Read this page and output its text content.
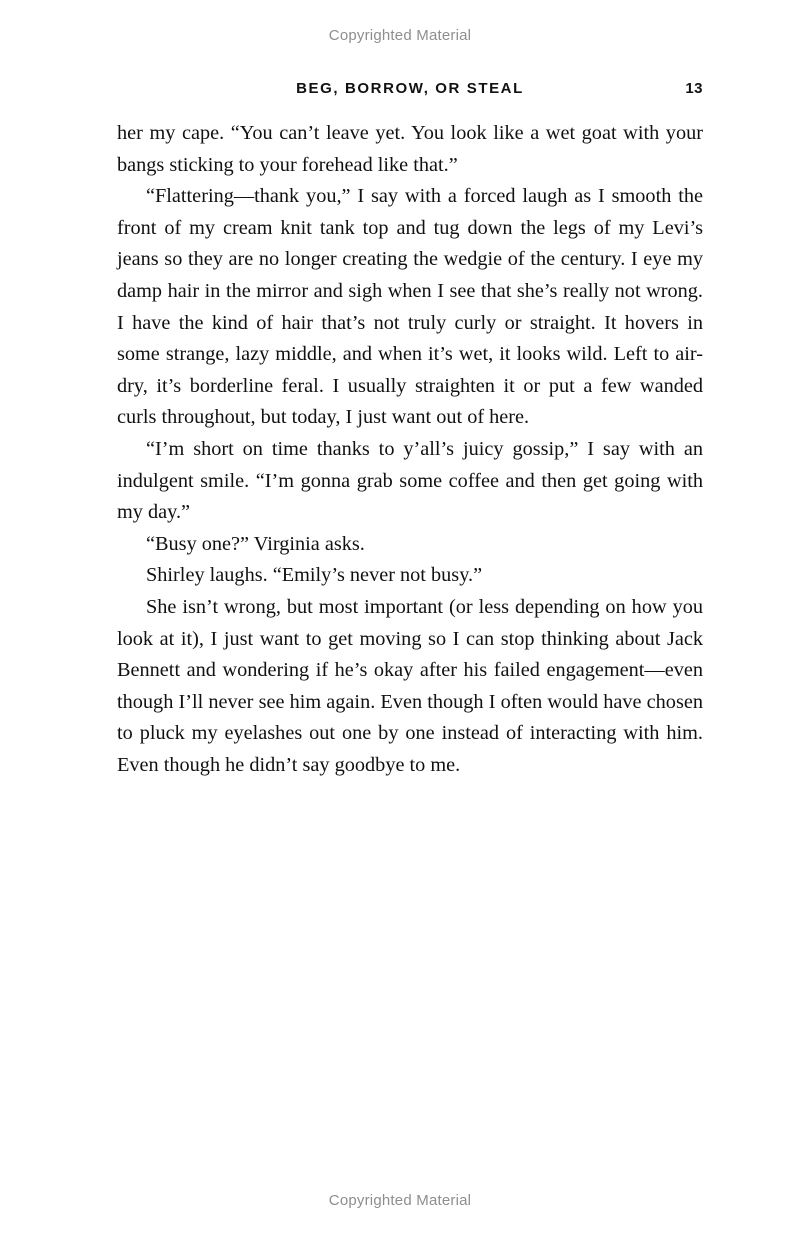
Copyrighted Material
BEG, BORROW, OR STEAL	13

her my cape. “You can’t leave yet. You look like a wet goat with your bangs sticking to your forehead like that.”

“Flattering—thank you,” I say with a forced laugh as I smooth the front of my cream knit tank top and tug down the legs of my Levi’s jeans so they are no longer creating the wedgie of the century. I eye my damp hair in the mirror and sigh when I see that she’s really not wrong. I have the kind of hair that’s not truly curly or straight. It hovers in some strange, lazy middle, and when it’s wet, it looks wild. Left to air-dry, it’s borderline feral. I usually straighten it or put a few wanded curls throughout, but today, I just want out of here.

“I’m short on time thanks to y’all’s juicy gossip,” I say with an indulgent smile. “I’m gonna grab some coffee and then get going with my day.”

“Busy one?” Virginia asks.

Shirley laughs. “Emily’s never not busy.”

She isn’t wrong, but most important (or less depending on how you look at it), I just want to get moving so I can stop thinking about Jack Bennett and wondering if he’s okay after his failed engagement—even though I’ll never see him again. Even though I often would have chosen to pluck my eyelashes out one by one instead of interacting with him. Even though he didn’t say goodbye to me.

Copyrighted Material
